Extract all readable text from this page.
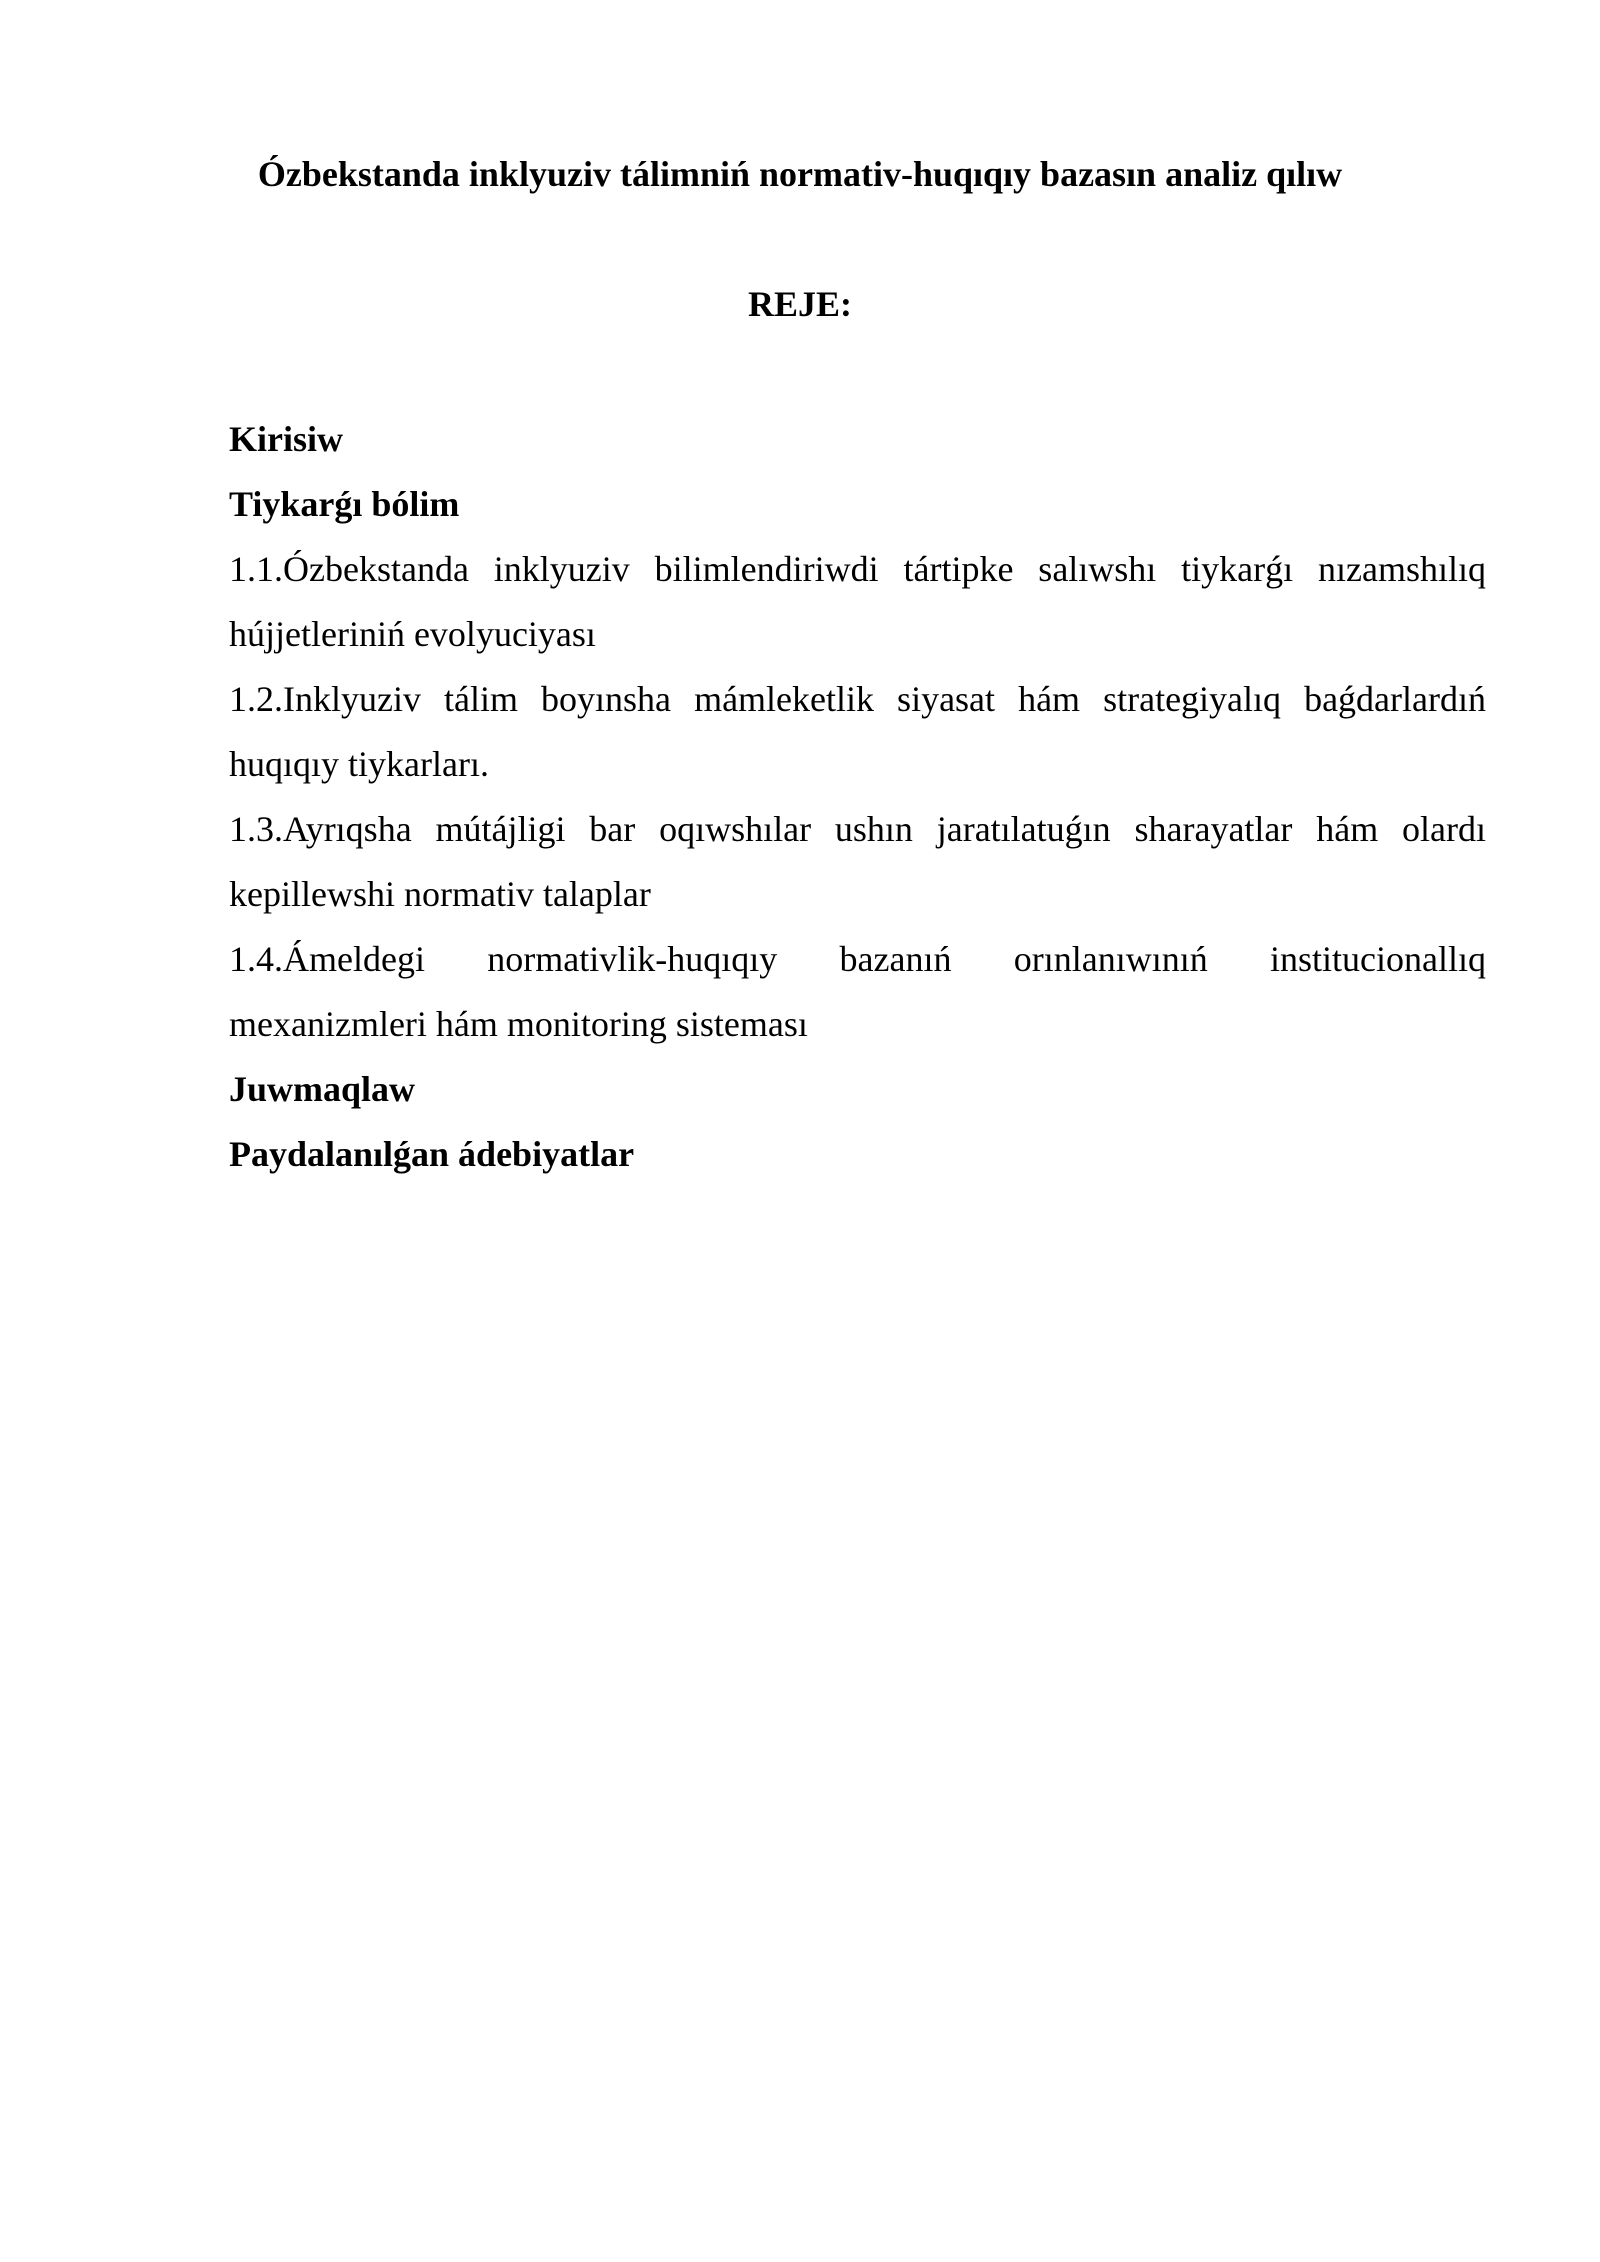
Ózbekstanda inklyuziv tálimniń normativ-huqıqıy bazasın analiz qılıw
REJE:

Kirisiw

Tiykarǵı bólim

1.1.Ózbekstanda inklyuziv bilimlendiriwdi tártipke salıwshı tiykarǵı nızamshılıq

hújjetleriniń evolyuciyası

1.2.Inklyuziv tálim boyınsha mámleketlik siyasat hám strategiyalıq baǵdarlardıń

huqıqıy tiykarları.

1.3.Ayrıqsha mútájligi bar oqıwshılar ushın jaratılatuǵın sharayatlar hám olardı

kepillewshi normativ talaplar

1.4.Ámeldegi normativlik-huqıqıy bazanıń orınlanıwınıń institucionallıq

mexanizmleri hám monitoring sisteması

Juwmaqlaw

Paydalanılǵan ádebiyatlar
